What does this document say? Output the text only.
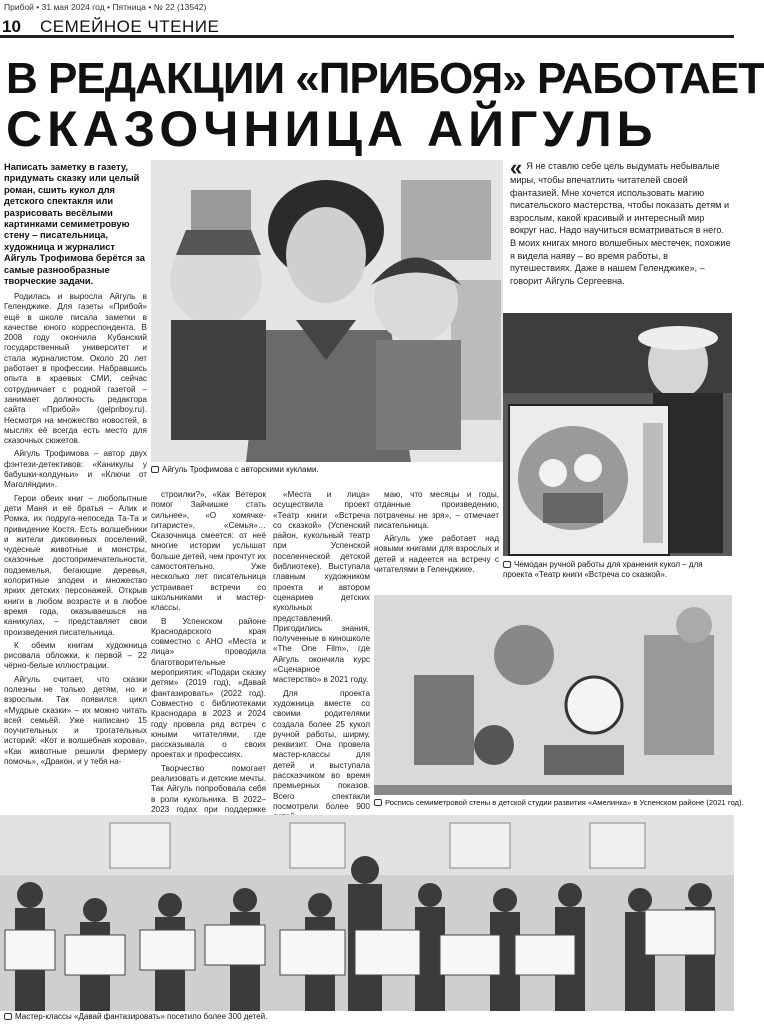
Прибой • 31 мая 2024 год • Пятница • № 22 (13542)
10 СЕМЕЙНОЕ ЧТЕНИЕ
В РЕДАКЦИИ «ПРИБОЯ» РАБОТАЕТ
СКАЗОЧНИЦА АЙГУЛЬ
Написать заметку в газету, придумать сказку или целый роман, сшить кукол для детского спектакля или разрисовать весёлыми картинками семиметровую стену – писательница, художница и журналист Айгуль Трофимова берётся за самые разнообразные творческие задачи.

Родилась и выросла Айгуль в Геленджике. Для газеты «Прибой» ещё в школе писала заметки в качестве юного корреспондента. В 2008 году окончила Кубанский государственный университет и стала журналистом. Около 20 лет работает в профессии. Набравшись опыта в краевых СМИ, сейчас сотрудничает с родной газетой – занимает должность редактора сайта «Прибой» (gelpriboy.ru). Несмотря на множество новостей, в мыслях её всегда есть место для сказочных сюжетов.

Айгуль Трофимова – автор двух фэнтези-детективов: «Каникулы у бабушки-колдуньи» и «Ключи от Маголяндии».

Герои обеих книг – любопытные дети Маня и её братья – Алик и Ромка, их подруга-непоседа Та-Та и привидение Костя. Есть волшебники и жители диковинных поселений, чудесные животные и монстры, сказочные достопримечательности, подземелья, бегающие деревья, колоритные злодеи и множество ярких детских персонажей. Открыв книги в любом возрасте и в любое время года, оказываешься на каникулах, – представляет свои произведения писательница.

К обеим книгам художница рисовала обложки, к первой – 22 чёрно-белые иллюстрации.

Айгуль считает, что сказки полезны не только детям, но и взрослым. Так появился цикл «Мудрые сказки» – их можно читать всей семьёй. Уже написано 15 поучительных и трогательных историй: «Кот и волшебная корова», «Как животные решили фермеру помочь», «Дракон, и у тебя на-

Айгуль Трофимова с авторскими куклами.
« Я не ставлю себе цель выдумать небывалые миры, чтобы впечатлить читателей своей фантазией. Мне хочется использовать магию писательского мастерства, чтобы показать детям и взрослым, какой красивый и интересный мир вокруг нас. Надо научиться всматриваться в него. В моих книгах много волшебных местечек, похожие я видела наяву – во время работы, в путешествиях. Даже в нашем Геленджике», – говорит Айгуль Сергеевна.
Чемодан ручной работы для хранения кукол – для проекта «Театр книги «Встреча со сказкой».

строилки?», «Как Ветерок помог Зайчишке стать сильнее», «О хомячке-гитаристе», «Семья»… Сказочница смеется: от неё многие истории услышат больше детей, чем прочтут их самостоятельно. Уже несколько лет писательница устраивает встречи со школьниками и мастер-классы.

В Успенском районе Краснодарского края совместно с АНО «Места и лица» проводила благотворительные мероприятия: «Подари сказку детям» (2019 год), «Давай фантазировать» (2022 год). Совместно с библиотеками Краснодара в 2023 и 2024 году провела ряд встреч с юными читателями, где рассказывала о своих проектах и профессиях.

Творчество помогает реализовать и детские мечты. Так Айгуль попробовала себя в роли кукольника. В 2022–2023 годах при поддержке

«Места и лица» осуществила проект «Театр книги «Встреча со сказкой» (Успенский район, кукольный театр при Успенской поселенческой детской библиотеке). Выступала главным художником проекта и автором сценариев детских кукольных представлений. Пригодились знания, полученные в киношколе «The One Film», где Айгуль окончила курс «Сценарное мастерство» в 2021 году.

Для проекта художница вместе со своими родителями создала более 25 кукол ручной работы, ширму, реквизит. Она провела мастер-классы для детей и выступала рассказчиком во время премьерных показов. Всего спектакли посмотрели более 900

маю, что месяцы и годы, отданные произведению, потрачены не зря», – отмечает писательница.

Айгуль уже работает над новыми книгами для взрослых и детей и надеется на встречу с читателями в Геленджике.

Роспись семиметровой стены в детской студии развития «Амелинка» в Успенском районе (2021 год).
Мастер-классы «Давай фантазировать» посетило более 300 детей.
